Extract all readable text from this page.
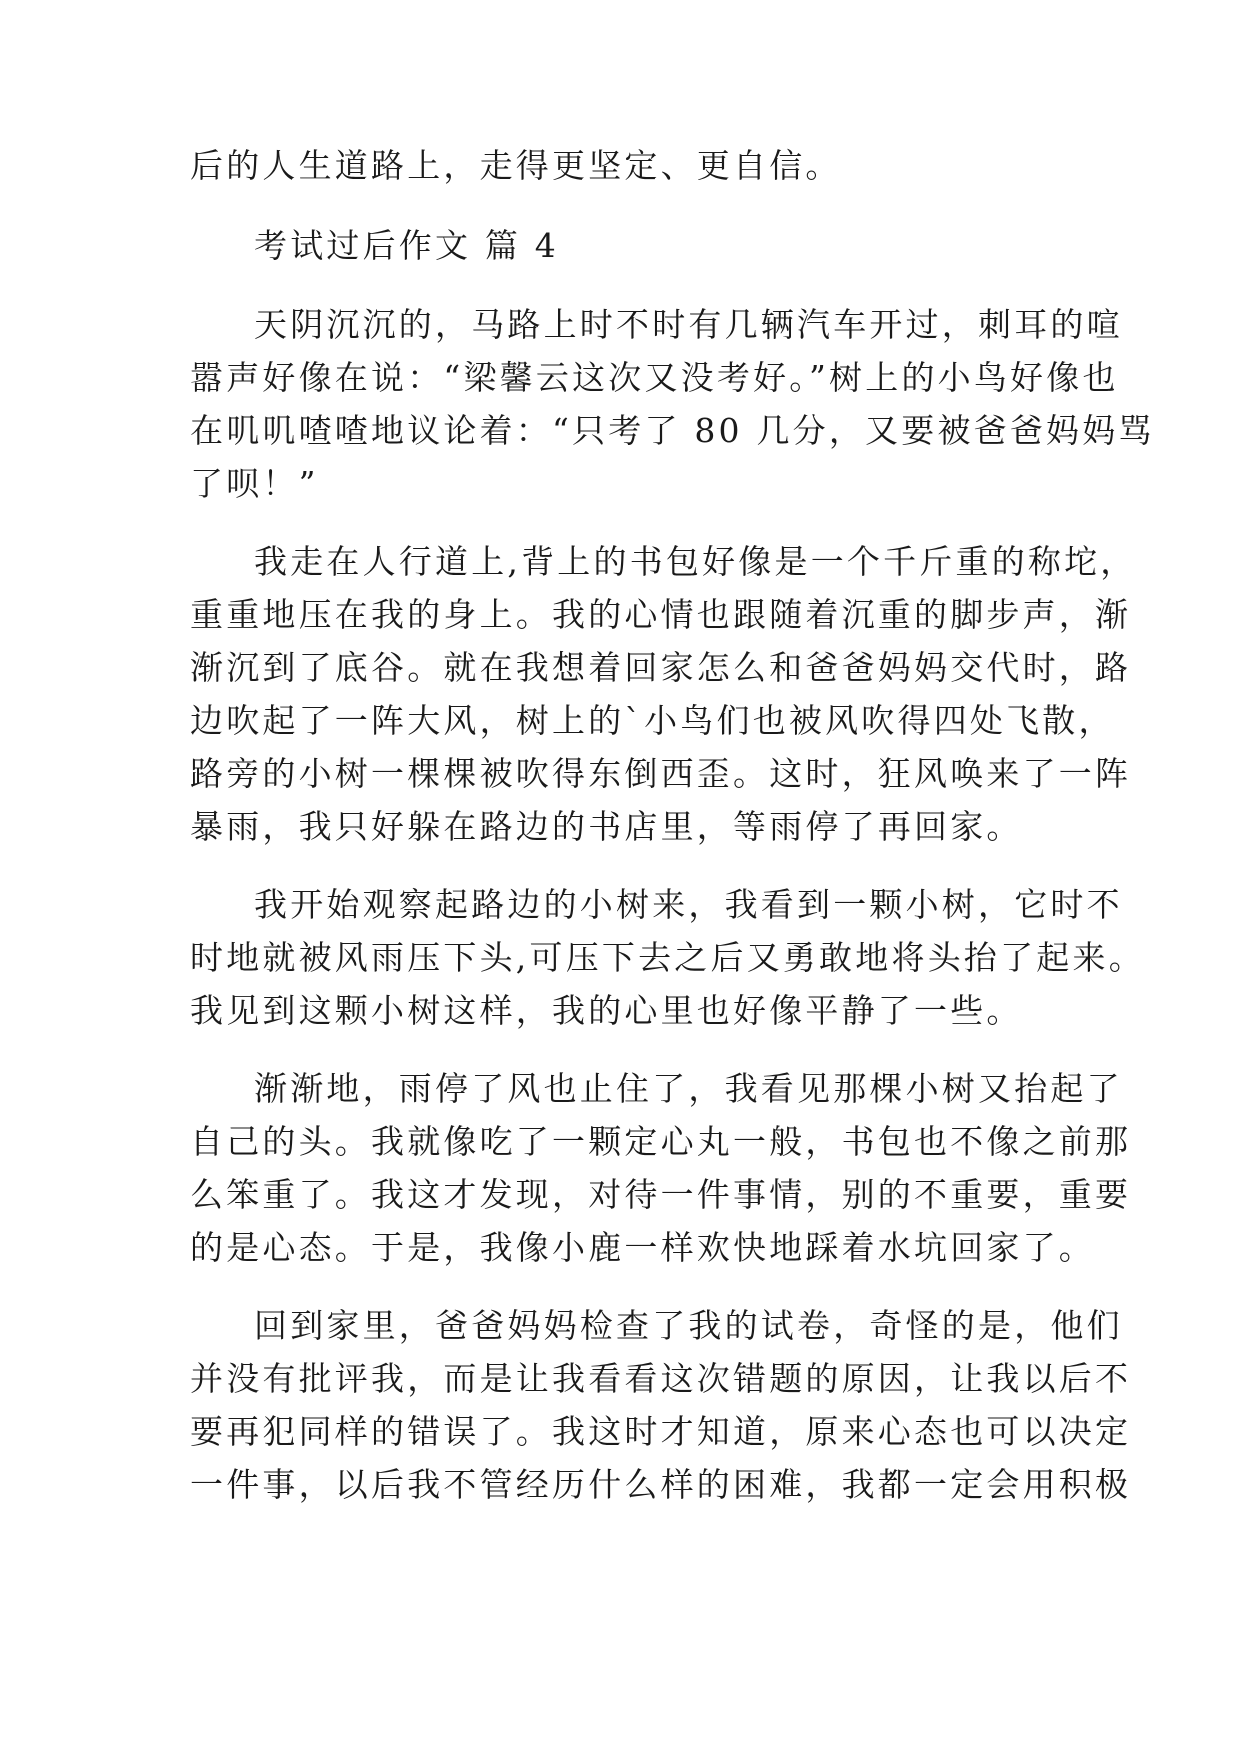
后的人生道路上，走得更坚定、更自信。
考试过后作文 篇 4
天阴沉沉的，马路上时不时有几辆汽车开过，刺耳的喧
嚣声好像在说：“梁馨云这次又没考好。”树上的小鸟好像也
在叽叽喳喳地议论着：“只考了 80 几分，又要被爸爸妈妈骂
了呗！”
我走在人行道上,背上的书包好像是一个千斤重的称坨，
重重地压在我的身上。我的心情也跟随着沉重的脚步声，渐
渐沉到了底谷。就在我想着回家怎么和爸爸妈妈交代时，路
边吹起了一阵大风，树上的`小鸟们也被风吹得四处飞散，
路旁的小树一棵棵被吹得东倒西歪。这时，狂风唤来了一阵
暴雨，我只好躲在路边的书店里，等雨停了再回家。
我开始观察起路边的小树来，我看到一颗小树，它时不
时地就被风雨压下头,可压下去之后又勇敢地将头抬了起来。
我见到这颗小树这样，我的心里也好像平静了一些。
渐渐地，雨停了风也止住了，我看见那棵小树又抬起了
自己的头。我就像吃了一颗定心丸一般，书包也不像之前那
么笨重了。我这才发现，对待一件事情，别的不重要，重要
的是心态。于是，我像小鹿一样欢快地踩着水坑回家了。
回到家里，爸爸妈妈检查了我的试卷，奇怪的是，他们
并没有批评我，而是让我看看这次错题的原因，让我以后不
要再犯同样的错误了。我这时才知道，原来心态也可以决定
一件事，以后我不管经历什么样的困难，我都一定会用积极
